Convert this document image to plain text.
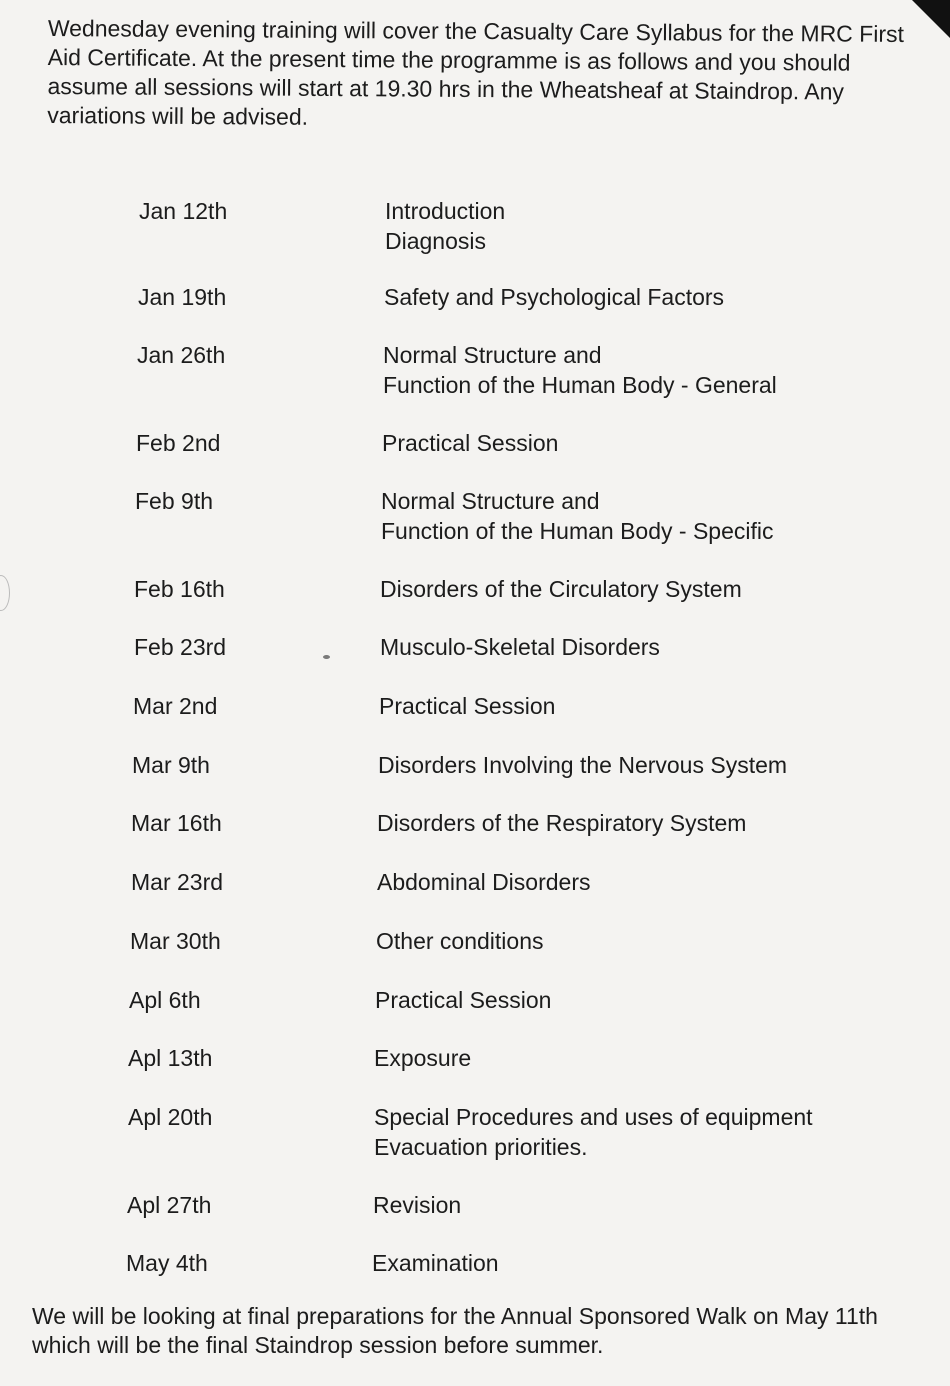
Wednesday evening training will cover the Casualty Care Syllabus for the MRC First Aid Certificate. At the present time the programme is as follows and you should assume all sessions will start at 19.30 hrs in the Wheatsheaf at Staindrop. Any variations will be advised.

Jan 12th	Introduction
Diagnosis
Jan 19th	Safety and Psychological Factors
Jan 26th	Normal Structure and
Function of the Human Body - General
Feb 2nd	Practical Session
Feb 9th	Normal Structure and
Function of the Human Body - Specific
Feb 16th	Disorders of the Circulatory System
Feb 23rd	Musculo-Skeletal Disorders
Mar 2nd	Practical Session
Mar 9th	Disorders Involving the Nervous System
Mar 16th	Disorders of the Respiratory System
Mar 23rd	Abdominal Disorders
Mar 30th	Other conditions
Apl 6th	Practical Session
Apl 13th	Exposure
Apl 20th	Special Procedures and uses of equipment
Evacuation priorities.
Apl 27th	Revision
May 4th	Examination

We will be looking at final preparations for the Annual Sponsored Walk on May 11th which will be the final Staindrop session before summer.
